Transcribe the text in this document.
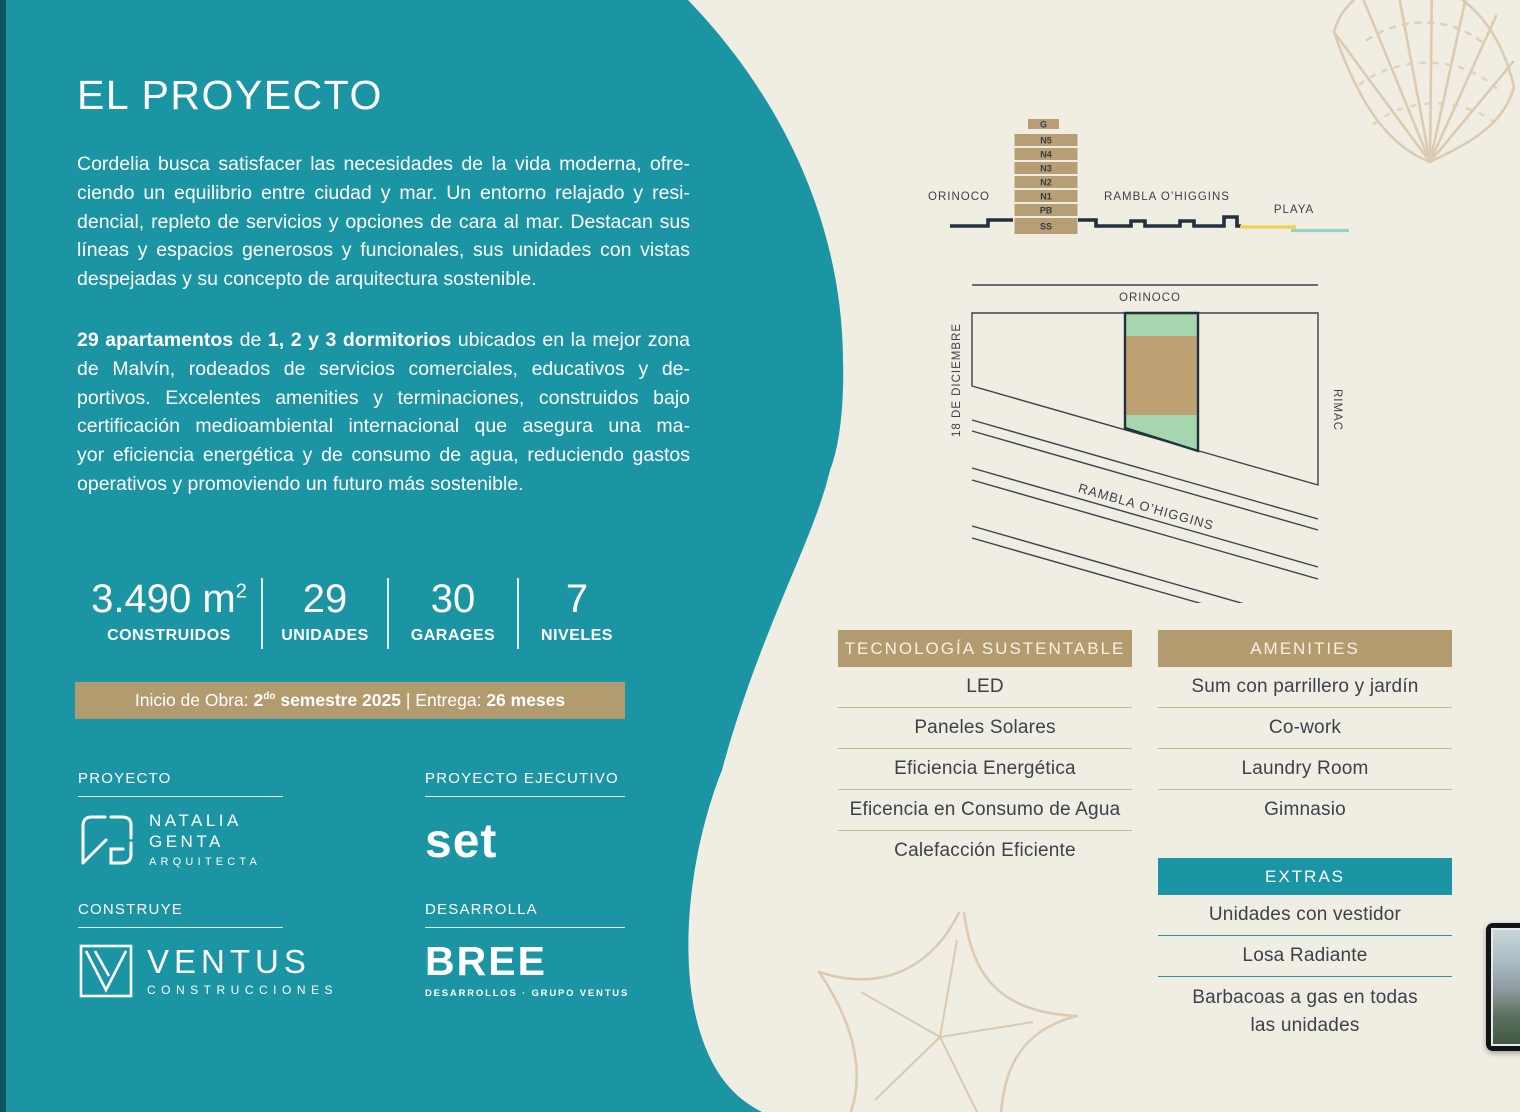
EL PROYECTO
Cordelia busca satisfacer las necesidades de la vida moderna, ofre-
ciendo un equilibrio entre ciudad y mar. Un entorno relajado y resi-
dencial, repleto de servicios y opciones de cara al mar. Destacan sus
líneas y espacios generosos y funcionales, sus unidades con vistas
despejadas y su concepto de arquitectura sostenible.
29 apartamentos de 1, 2 y 3 dormitorios ubicados en la mejor zona
de Malvín, rodeados de servicios comerciales, educativos y de-
portivos. Excelentes amenities y terminaciones, construidos bajo
certificación medioambiental internacional que asegura una ma-
yor eficiencia energética y de consumo de agua, reduciendo gastos
operativos y promoviendo un futuro más sostenible.
3.490 $m^2$
CONSTRUIDOS
29
UNIDADES
30
GARAGES
7
NIVELES
Inicio de Obra: $2^{do}$ semestre 2025 | Entrega: 26 meses
PROYECTO
NATALIA
GENTA
ARQUITECTA
PROYECTO EJECUTIVO
set
CONSTRUYE
VENTUS
CONSTRUCCIONES
DESARROLLA
BREE
DESARROLLOS · GRUPO VENTUS
G
N5
N4
N3
N2
N1
PB
SS
ORINOCO	RAMBLA O’HIGGINS
PLAYA
ORINOCO
18 DE DICIEMBRE	RIMAC
RAMBLA O’HIGGINS
TECNOLOGÍA SUSTENTABLE
LED
Paneles Solares
Eficiencia Energética
Eficencia en Consumo de Agua
Calefacción Eficiente
AMENITIES
Sum con parrillero y jardín
Co-work
Laundry Room
Gimnasio
EXTRAS
Unidades con vestidor
Losa Radiante
Barbacoas a gas en todas las unidades
